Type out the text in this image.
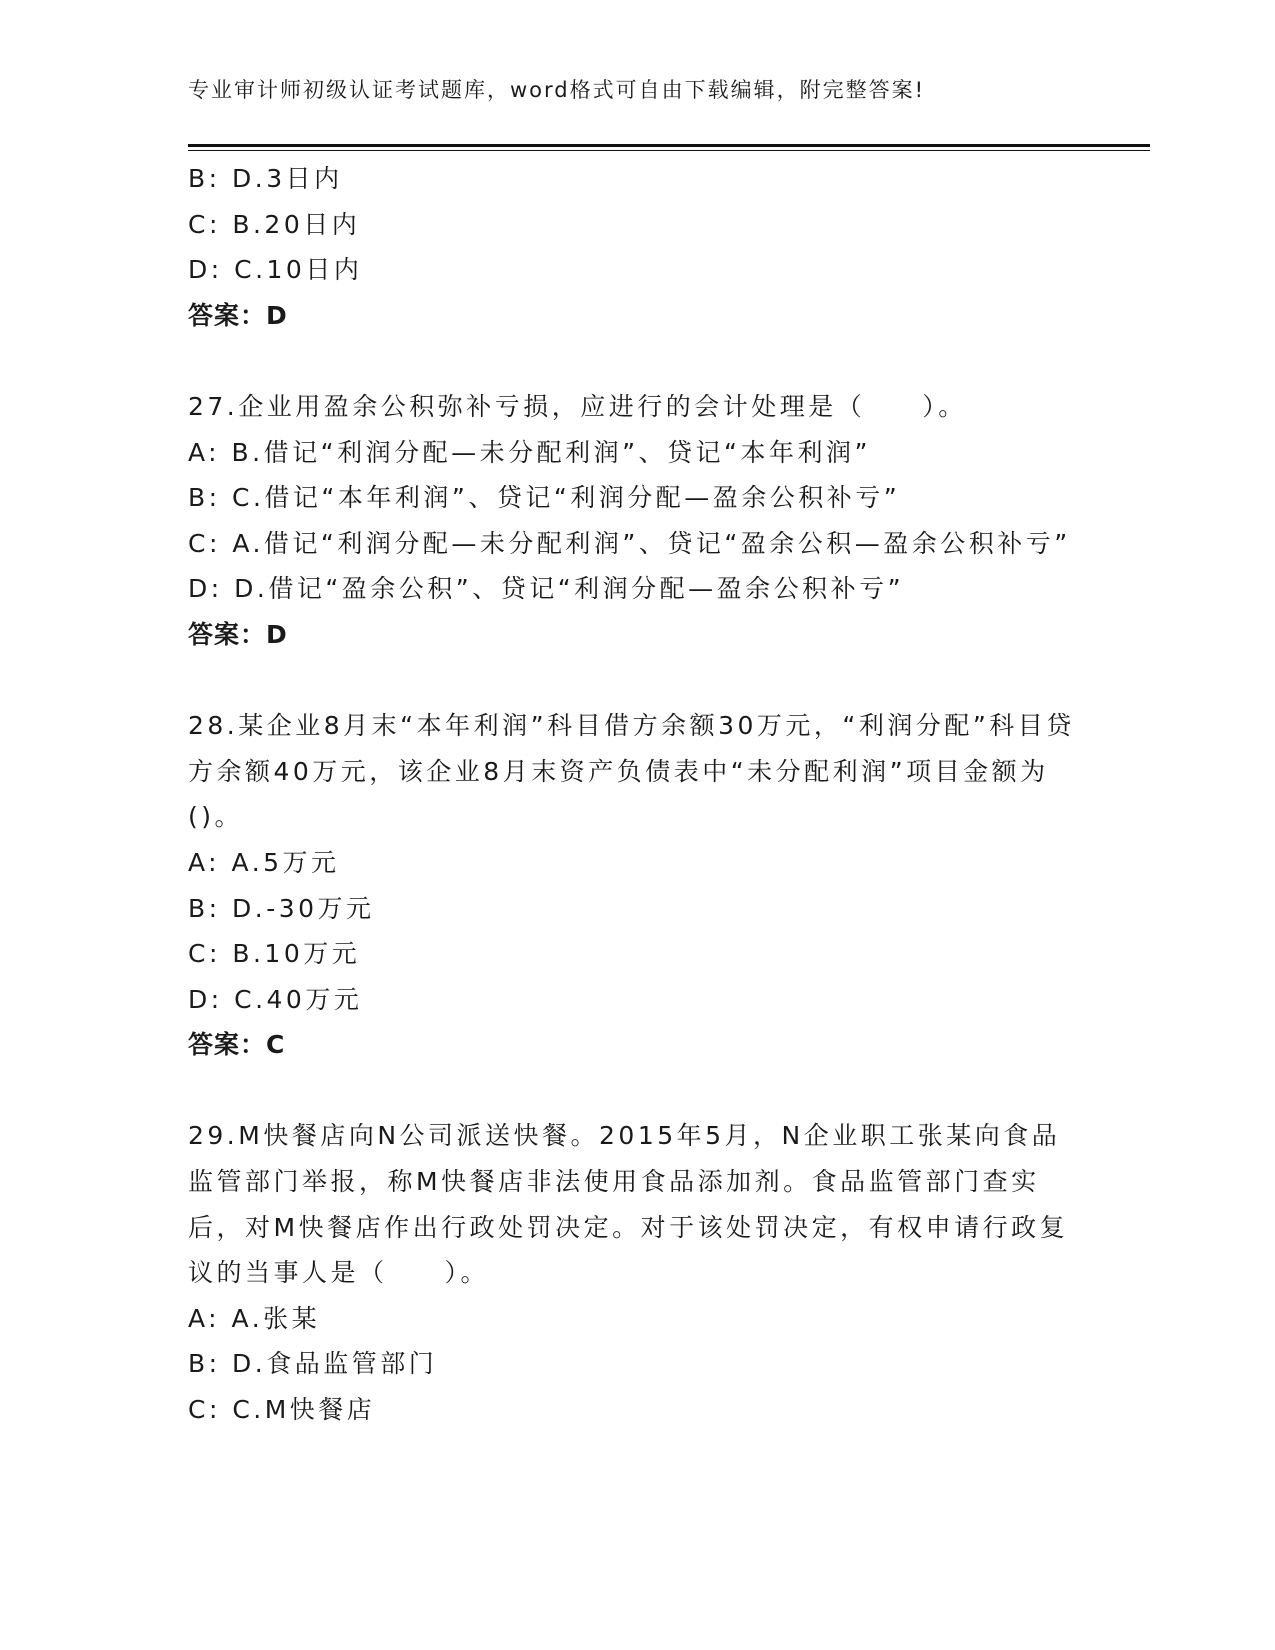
专业审计师初级认证考试题库，word格式可自由下载编辑，附完整答案!
B: D.3日内
C: B.20日内
D: C.10日内
答案：D
27.企业用盈余公积弥补亏损，应进行的会计处理是（　　）。
A: B.借记“利润分配—未分配利润”、贷记“本年利润”
B: C.借记“本年利润”、贷记“利润分配—盈余公积补亏”
C: A.借记“利润分配—未分配利润”、贷记“盈余公积—盈余公积补亏”
D: D.借记“盈余公积”、贷记“利润分配—盈余公积补亏”
答案：D
28.某企业8月末“本年利润”科目借方余额30万元，“利润分配”科目贷方余额40万元，该企业8月末资产负债表中“未分配利润”项目金额为()。
A: A.5万元
B: D.-30万元
C: B.10万元
D: C.40万元
答案：C
29.M快餐店向N公司派送快餐。2015年5月，N企业职工张某向食品监管部门举报，称M快餐店非法使用食品添加剂。食品监管部门查实后，对M快餐店作出行政处罚决定。对于该处罚决定，有权申请行政复议的当事人是（　　）。
A: A.张某
B: D.食品监管部门
C: C.M快餐店
